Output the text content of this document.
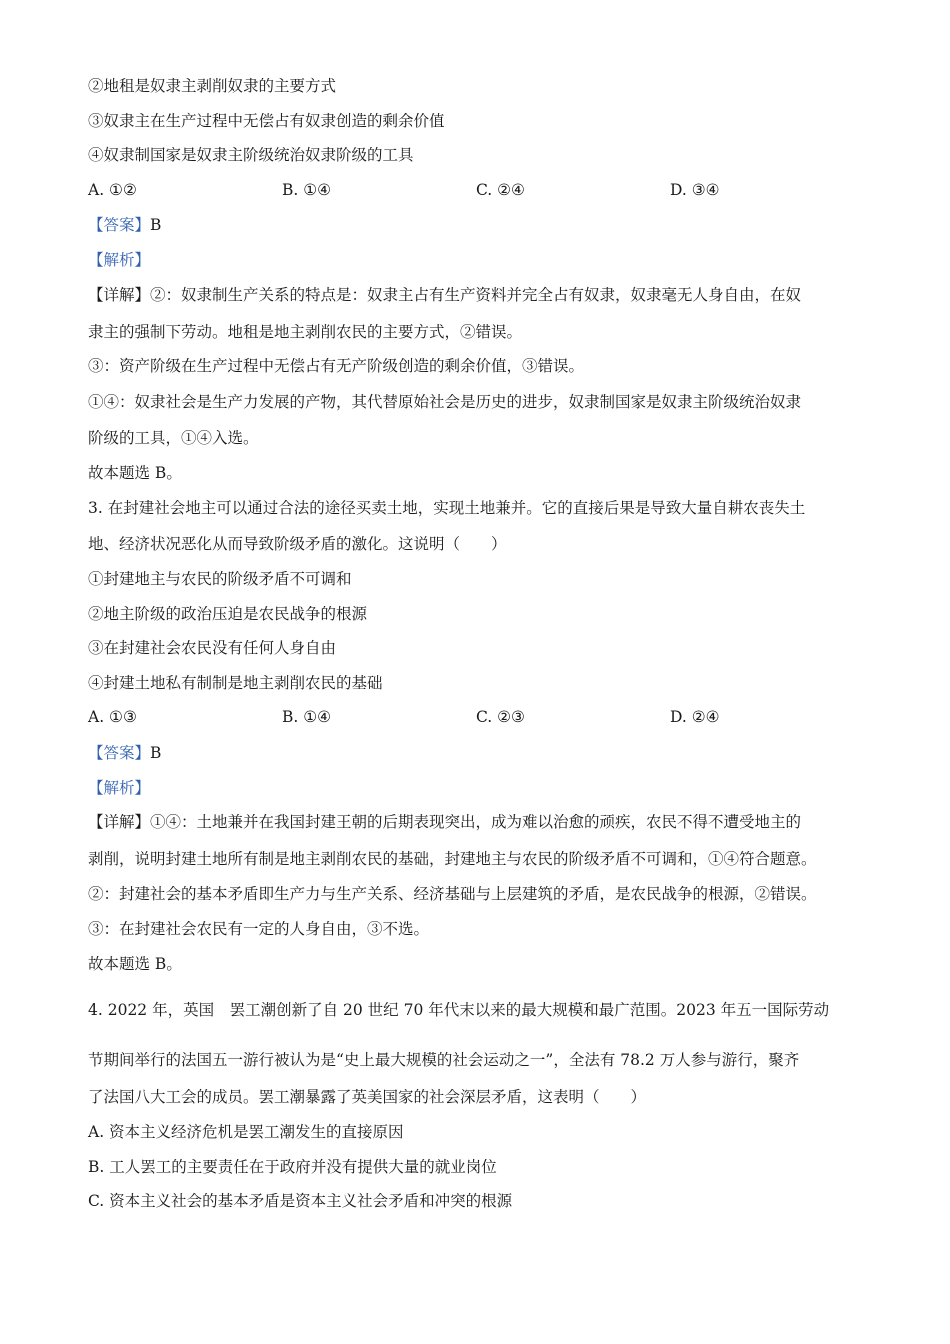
②地租是奴隶主剥削奴隶的主要方式
③奴隶主在生产过程中无偿占有奴隶创造的剩余价值
④奴隶制国家是奴隶主阶级统治奴隶阶级的工具
A. ①②	B. ①④	C. ②④	D. ③④
【答案】B
【解析】
【详解】②：奴隶制生产关系的特点是：奴隶主占有生产资料并完全占有奴隶，奴隶毫无人身自由，在奴
隶主的强制下劳动。地租是地主剥削农民的主要方式，②错误。
③：资产阶级在生产过程中无偿占有无产阶级创造的剩余价值，③错误。
①④：奴隶社会是生产力发展的产物，其代替原始社会是历史的进步，奴隶制国家是奴隶主阶级统治奴隶
阶级的工具，①④入选。
故本题选 B。
3. 在封建社会地主可以通过合法的途径买卖土地，实现土地兼并。它的直接后果是导致大量自耕农丧失土
地、经济状况恶化从而导致阶级矛盾的激化。这说明（　　）
①封建地主与农民的阶级矛盾不可调和
②地主阶级的政治压迫是农民战争的根源
③在封建社会农民没有任何人身自由
④封建土地私有制制是地主剥削农民的基础
A. ①③	B. ①④	C. ②③	D. ②④
【答案】B
【解析】
【详解】①④：土地兼并在我国封建王朝的后期表现突出，成为难以治愈的顽疾，农民不得不遭受地主的
剥削，说明封建土地所有制是地主剥削农民的基础，封建地主与农民的阶级矛盾不可调和，①④符合题意。
②：封建社会的基本矛盾即生产力与生产关系、经济基础与上层建筑的矛盾，是农民战争的根源，②错误。
③：在封建社会农民有一定的人身自由，③不选。
故本题选 B。
4. 2022 年，英国　罢工潮创新了自 20 世纪 70 年代末以来的最大规模和最广范围。2023 年五一国际劳动
节期间举行的法国五一游行被认为是“史上最大规模的社会运动之一”，全法有 78.2 万人参与游行，聚齐
了法国八大工会的成员。罢工潮暴露了英美国家的社会深层矛盾，这表明（　　）
A. 资本主义经济危机是罢工潮发生的直接原因
B. 工人罢工的主要责任在于政府并没有提供大量的就业岗位
C. 资本主义社会的基本矛盾是资本主义社会矛盾和冲突的根源
